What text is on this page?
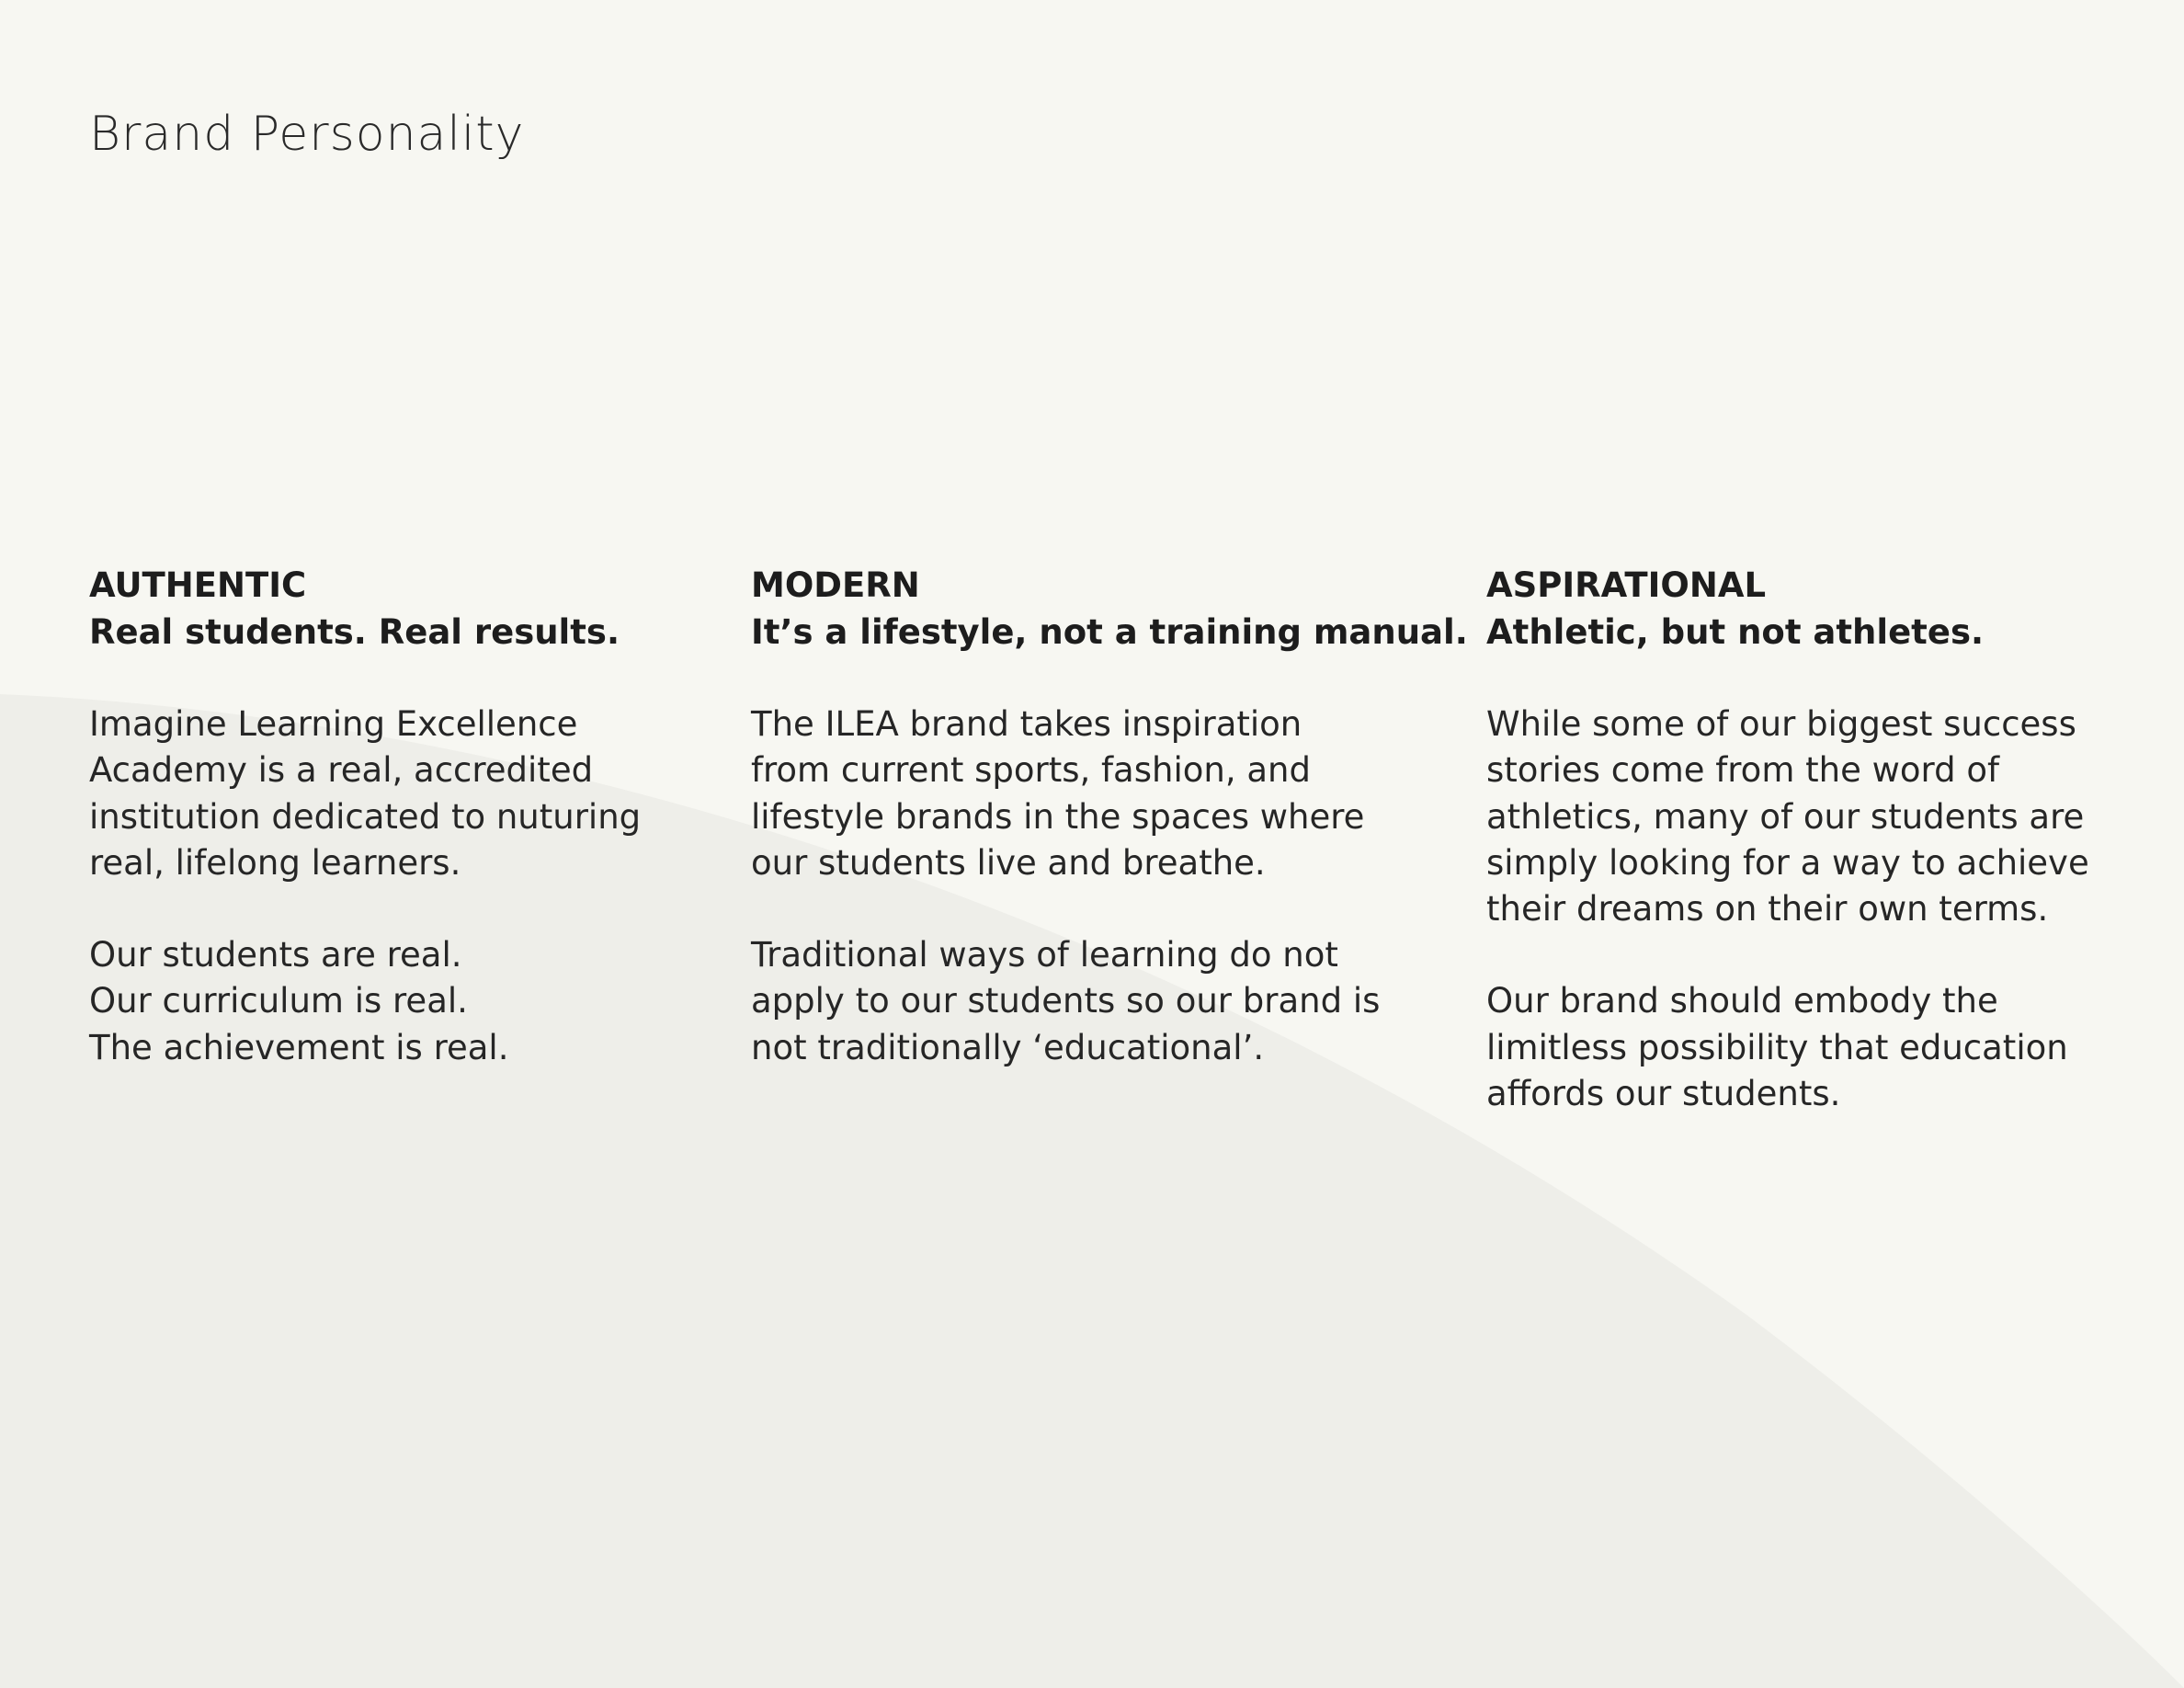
Brand Personality
AUTHENTIC
Real students. Real results.
Imagine Learning Excellence
Academy is a real, accredited
institution dedicated to nuturing
real, lifelong learners.
Our students are real.
Our curriculum is real.
The achievement is real.
MODERN
It’s a lifestyle, not a training manual.
The ILEA brand takes inspiration
from current sports, fashion, and
lifestyle brands in the spaces where
our students live and breathe.
Traditional ways of learning do not
apply to our students so our brand is
not traditionally ‘educational’.
ASPIRATIONAL
Athletic, but not athletes.
While some of our biggest success
stories come from the word of
athletics, many of our students are
simply looking for a way to achieve
their dreams on their own terms.
Our brand should embody the
limitless possibility that education
affords our students.
